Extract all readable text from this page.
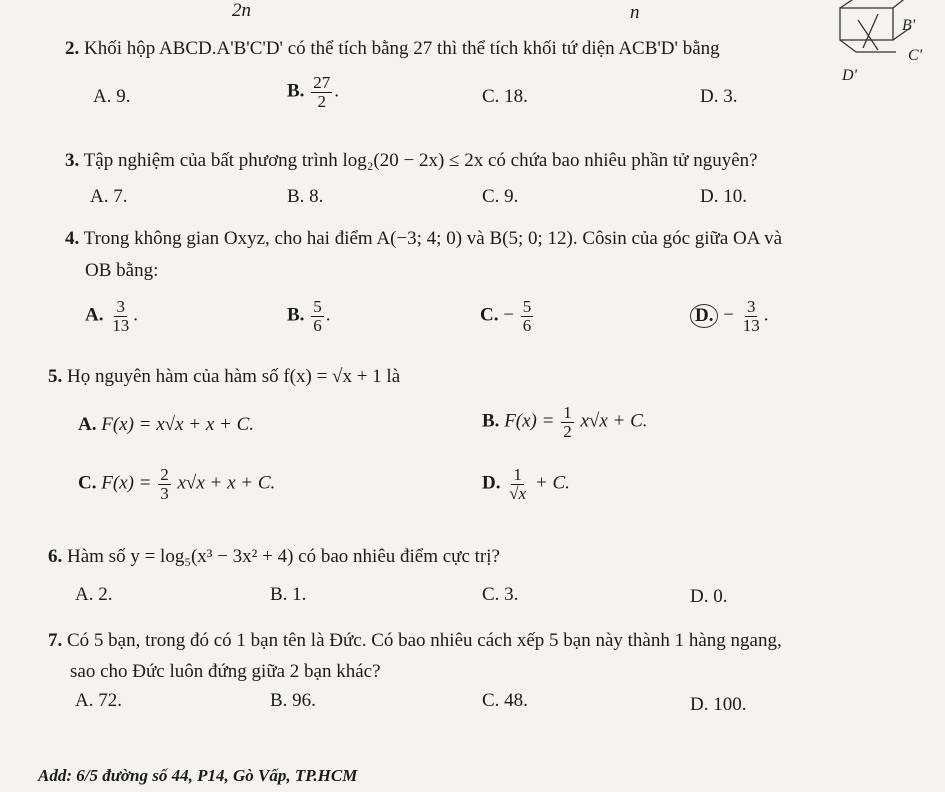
2n	n
B'
C'
D'
2. Khối hộp ABCD.A'B'C'D' có thể tích bằng 27 thì thể tích khối tứ diện ACB'D' bằng
A. 9.	B. $\frac{27}{2}$ .	C. 18.	D. 3.
3. Tập nghiệm của bất phương trình log₂(20 − 2x) ≤ 2x có chứa bao nhiêu phần tử nguyên?
A. 7.	B. 8.	C. 9.	D. 10.
4. Trong không gian Oxyz, cho hai điểm A(−3; 4; 0) và B(5; 0; 12). Côsin của góc giữa OA và
OB bằng:
A. $\frac{3}{13}$ .	B. $\frac{5}{6}$ .	C. − $\frac{5}{6}$	D. − $\frac{3}{13}$ .
5. Họ nguyên hàm của hàm số f(x) = √x + 1 là
A. F(x) = x√x + x + C.	B. $F(x) = \frac{1}{2} x√x + C$.
C. $F(x) = \frac{2}{3} x√x + x + C$.	D. $\frac{1}{√x} + C$.
6. Hàm số y = log₅(x³ − 3x² + 4) có bao nhiêu điểm cực trị?
A. 2.	B. 1.	C. 3.	D. 0.
7. Có 5 bạn, trong đó có 1 bạn tên là Đức. Có bao nhiêu cách xếp 5 bạn này thành 1 hàng ngang,
sao cho Đức luôn đứng giữa 2 bạn khác?
A. 72.	B. 96.	C. 48.	D. 100.
Add: 6/5 đường số 44, P14, Gò Vấp, TP.HCM
